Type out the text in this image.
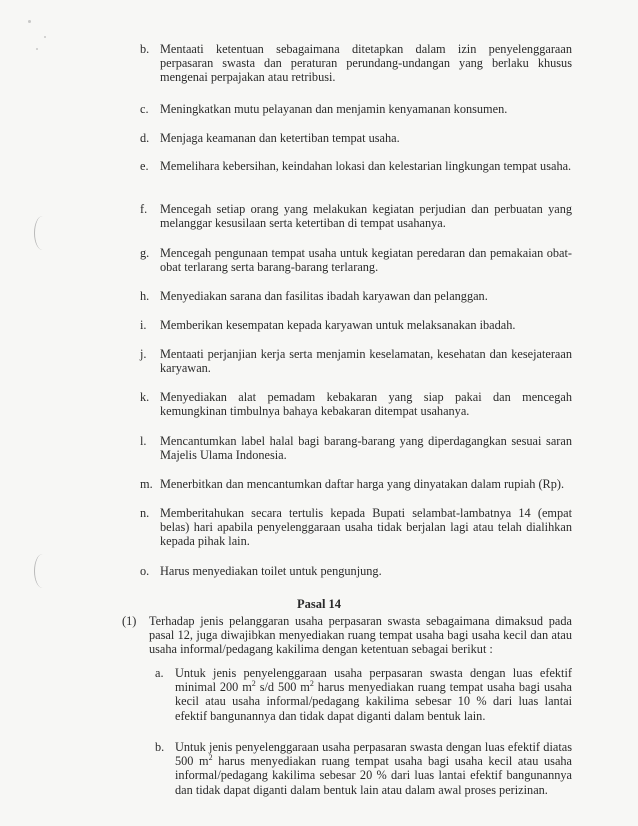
b. Mentaati ketentuan sebagaimana ditetapkan dalam izin penyelenggaraan perpasaran swasta dan peraturan perundang-undangan yang berlaku khusus mengenai perpajakan atau retribusi.
c. Meningkatkan mutu pelayanan dan menjamin kenyamanan konsumen.
d. Menjaga keamanan dan ketertiban tempat usaha.
e. Memelihara kebersihan, keindahan lokasi dan kelestarian lingkungan tempat usaha.
f. Mencegah setiap orang yang melakukan kegiatan perjudian dan perbuatan yang melanggar kesusilaan serta ketertiban di tempat usahanya.
g. Mencegah pengunaan tempat usaha untuk kegiatan peredaran dan pemakaian obat-obat terlarang serta barang-barang terlarang.
h. Menyediakan sarana dan fasilitas ibadah karyawan dan pelanggan.
i. Memberikan kesempatan kepada karyawan untuk melaksanakan ibadah.
j. Mentaati perjanjian kerja serta menjamin keselamatan, kesehatan dan kesejateraan karyawan.
k. Menyediakan alat pemadam kebakaran yang siap pakai dan mencegah kemungkinan timbulnya bahaya kebakaran ditempat usahanya.
l. Mencantumkan label halal bagi barang-barang yang diperdagangkan sesuai saran Majelis Ulama Indonesia.
m. Menerbitkan dan mencantumkan daftar harga yang dinyatakan dalam rupiah (Rp).
n. Memberitahukan secara tertulis kepada Bupati selambat-lambatnya 14 (empat belas) hari apabila penyelenggaraan usaha tidak berjalan lagi atau telah dialihkan kepada pihak lain.
o. Harus menyediakan toilet untuk pengunjung.
Pasal 14
(1) Terhadap jenis pelanggaran usaha perpasaran swasta sebagaimana dimaksud pada pasal 12, juga diwajibkan menyediakan ruang tempat usaha bagi usaha kecil dan atau usaha informal/pedagang kakilima dengan ketentuan sebagai berikut :
a. Untuk jenis penyelenggaraan usaha perpasaran swasta dengan luas efektif minimal 200 $m^2$ s/d 500 $m^2$ harus menyediakan ruang tempat usaha bagi usaha kecil atau usaha informal/pedagang kakilima sebesar 10 % dari luas lantai efektif bangunannya dan tidak dapat diganti dalam bentuk lain.
b. Untuk jenis penyelenggaraan usaha perpasaran swasta dengan luas efektif diatas 500 $m^2$ harus menyediakan ruang tempat usaha bagi usaha kecil atau usaha informal/pedagang kakilima sebesar 20 % dari luas lantai efektif bangunannya dan tidak dapat diganti dalam bentuk lain atau dalam awal proses perizinan.
